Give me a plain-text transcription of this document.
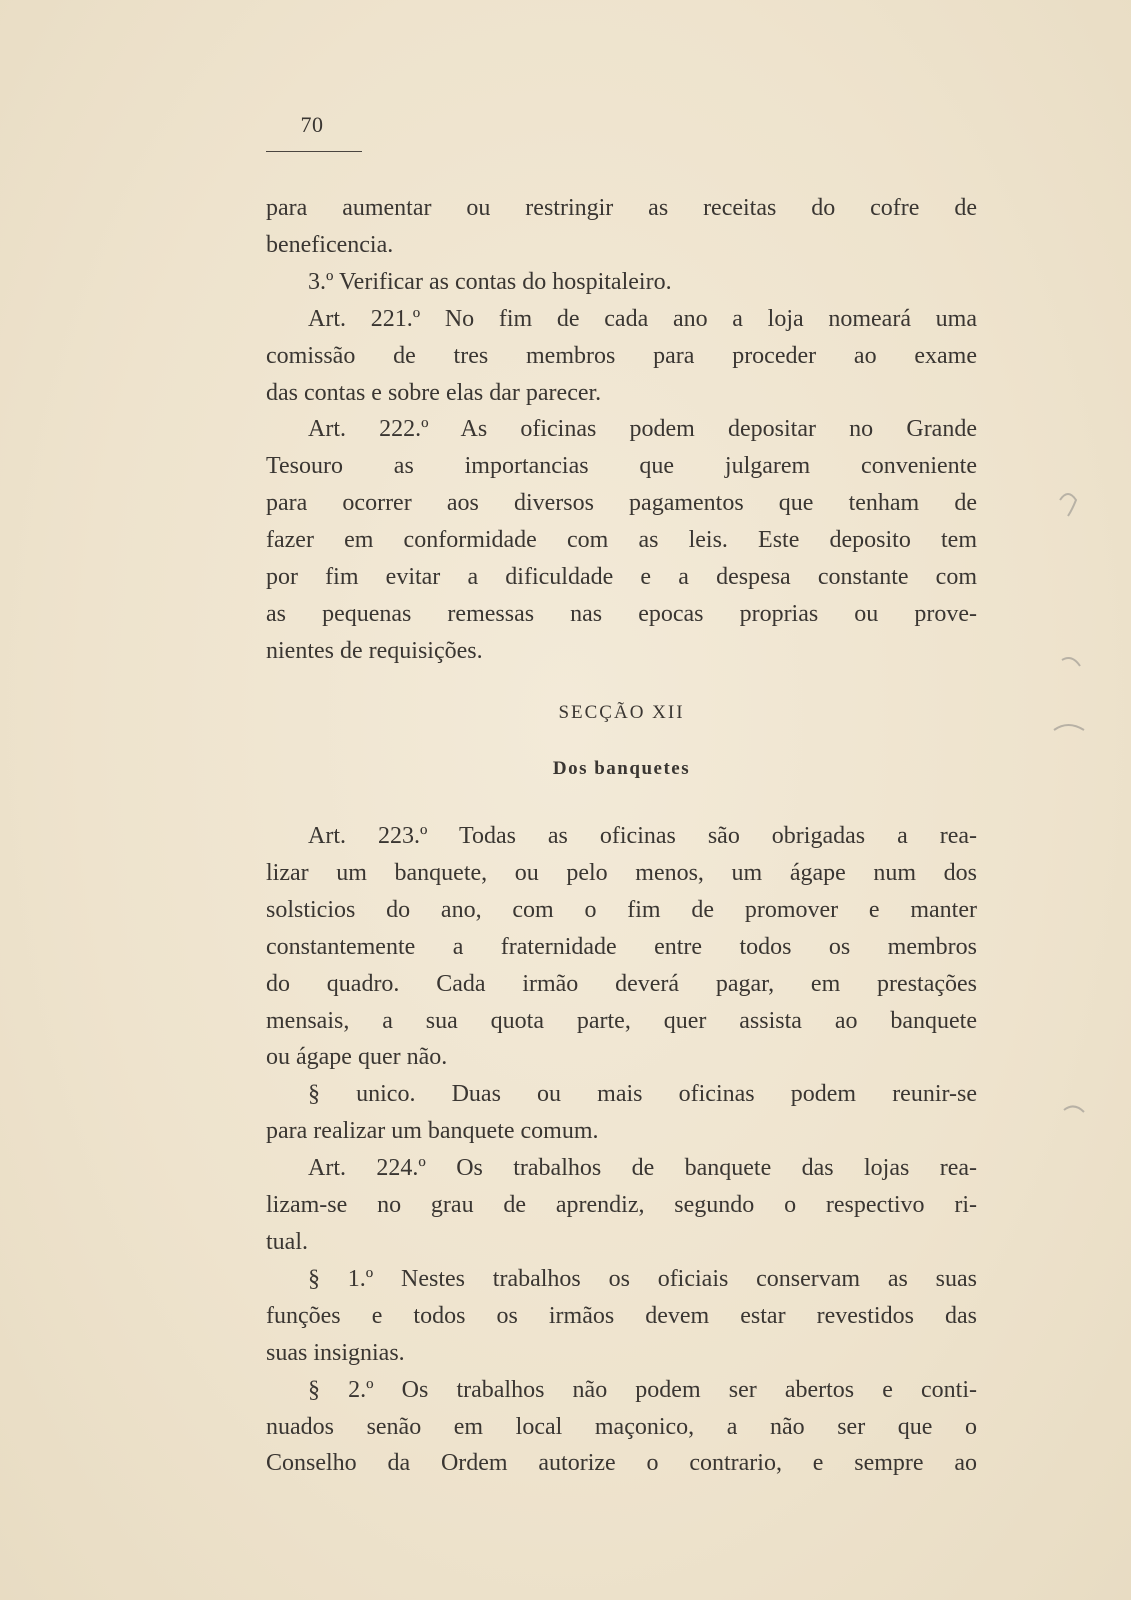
70
para aumentar ou restringir as receitas do cofre de
beneficencia.
3.º Verificar as contas do hospitaleiro.
Art. 221.º No fim de cada ano a loja nomeará uma
comissão de tres membros para proceder ao exame
das contas e sobre elas dar parecer.
Art. 222.º As oficinas podem depositar no Grande
Tesouro as importancias que julgarem conveniente
para ocorrer aos diversos pagamentos que tenham de
fazer em conformidade com as leis. Este deposito tem
por fim evitar a dificuldade e a despesa constante com
as pequenas remessas nas epocas proprias ou prove-
nientes de requisições.
SECÇÃO XII
Dos banquetes
Art. 223.º Todas as oficinas são obrigadas a rea-
lizar um banquete, ou pelo menos, um ágape num dos
solsticios do ano, com o fim de promover e manter
constantemente a fraternidade entre todos os membros
do quadro. Cada irmão deverá pagar, em prestações
mensais, a sua quota parte, quer assista ao banquete
ou ágape quer não.
§ unico. Duas ou mais oficinas podem reunir-se
para realizar um banquete comum.
Art. 224.º Os trabalhos de banquete das lojas rea-
lizam-se no grau de aprendiz, segundo o respectivo ri-
tual.
§ 1.º Nestes trabalhos os oficiais conservam as suas
funções e todos os irmãos devem estar revestidos das
suas insignias.
§ 2.º Os trabalhos não podem ser abertos e conti-
nuados senão em local maçonico, a não ser que o
Conselho da Ordem autorize o contrario, e sempre ao
